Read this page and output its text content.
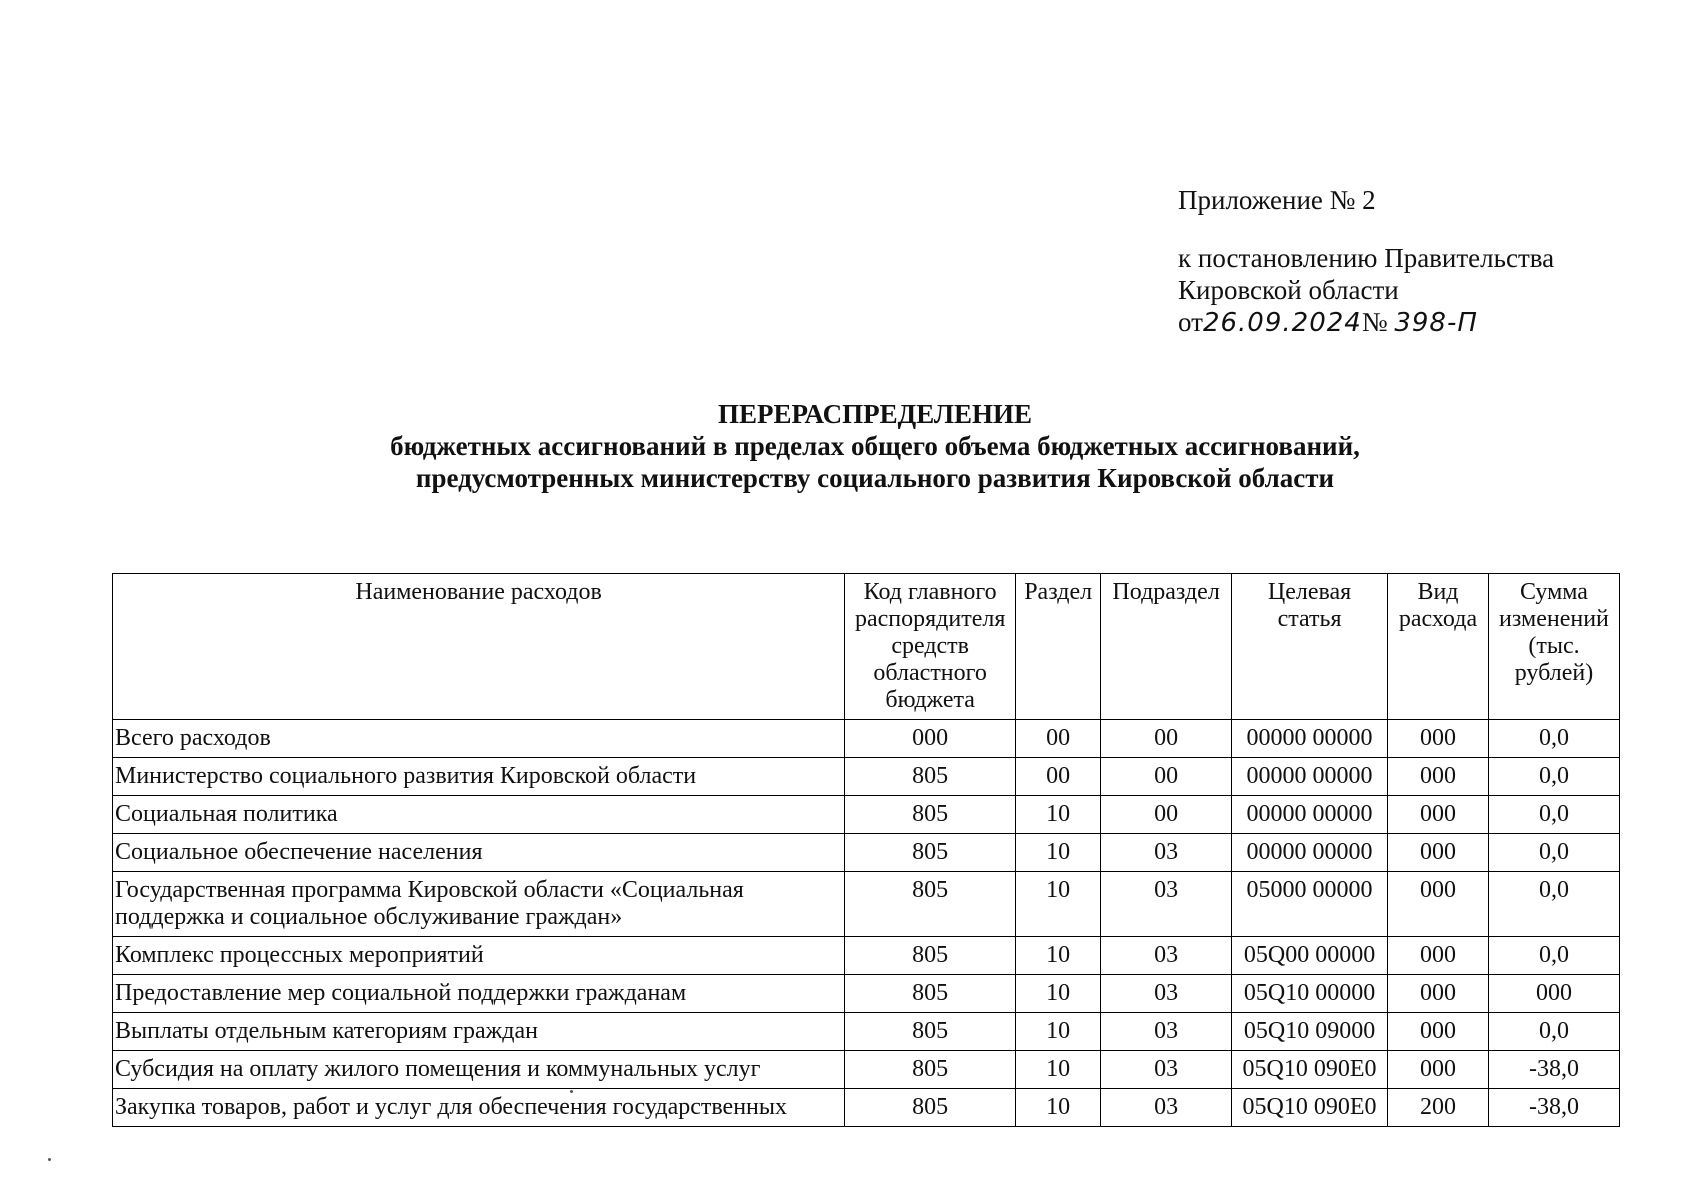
Приложение № 2
к постановлению Правительства
Кировской области
от26.09.2024№ 398-П
ПЕРЕРАСПРЕДЕЛЕНИЕ
бюджетных ассигнований в пределах общего объема бюджетных ассигнований,
предусмотренных министерству социального развития Кировской области
Наименование расходов	Код главного распорядителя средств областного бюджета	Раздел	Подраздел	Целевая статья	Вид расхода	Сумма изменений (тыс. рублей)
Всего расходов	000	00	00	00000 00000	000	0,0
Министерство социального развития Кировской области	805	00	00	00000 00000	000	0,0
Социальная политика	805	10	00	00000 00000	000	0,0
Социальное обеспечение населения	805	10	03	00000 00000	000	0,0
Государственная программа Кировской области «Социальная поддержка и социальное обслуживание граждан»	805	10	03	05000 00000	000	0,0
Комплекс процессных мероприятий	805	10	03	05Q00 00000	000	0,0
Предоставление мер социальной поддержки гражданам	805	10	03	05Q10 00000	000	000
Выплаты отдельным категориям граждан	805	10	03	05Q10 09000	000	0,0
Субсидия на оплату жилого помещения и коммунальных услуг	805	10	03	05Q10 090E0	000	-38,0
Закупка товаров, работ и услуг для обеспечения государственных	805	10	03	05Q10 090E0	200	-38,0
